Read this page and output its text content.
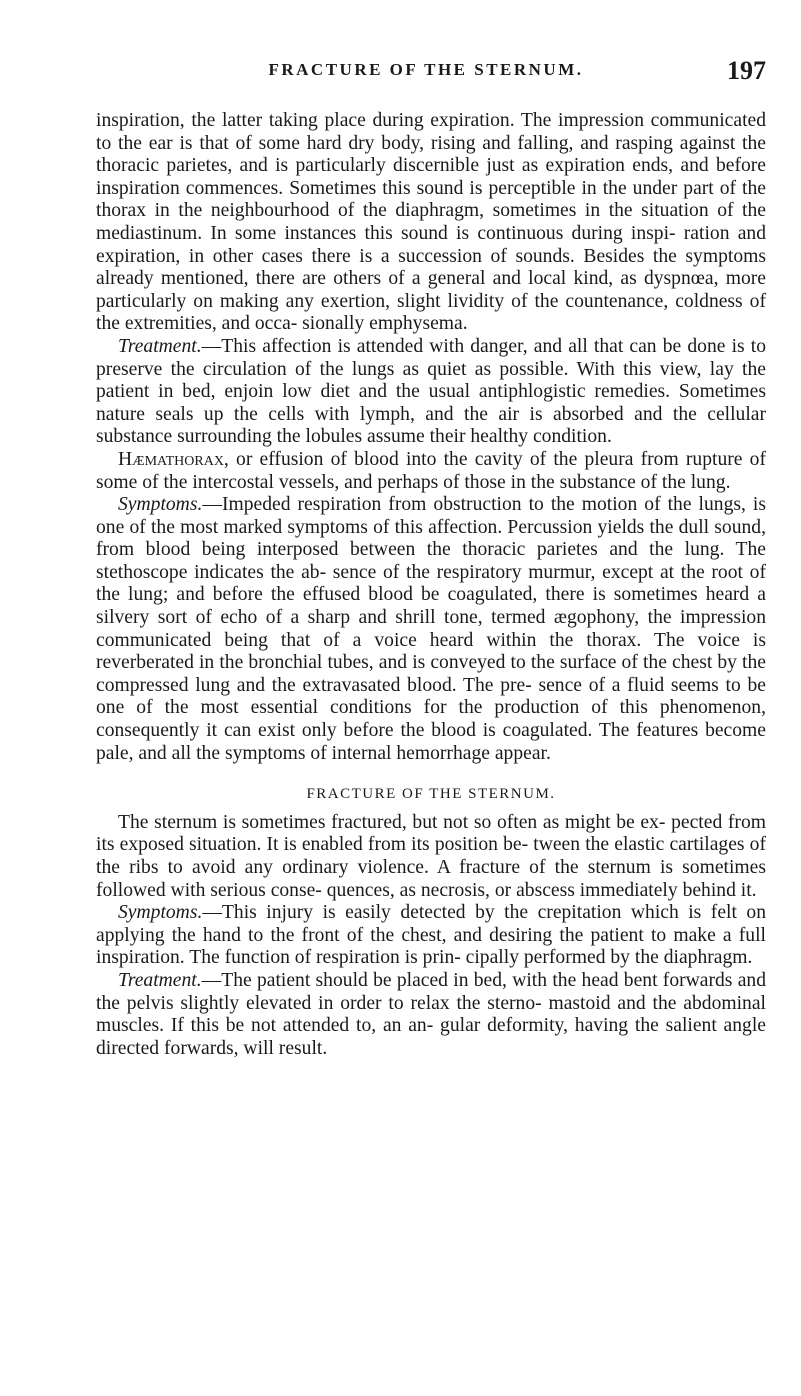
FRACTURE OF THE STERNUM.	197

inspiration, the latter taking place during expiration. The impression communicated to the ear is that of some hard dry body, rising and falling, and rasping against the thoracic parietes, and is particularly discernible just as expiration ends, and before inspiration commences. Sometimes this sound is perceptible in the under part of the thorax in the neighbourhood of the diaphragm, sometimes in the situation of the mediastinum. In some instances this sound is continuous during inspi- ration and expiration, in other cases there is a succession of sounds. Besides the symptoms already mentioned, there are others of a general and local kind, as dyspnœa, more particularly on making any exertion, slight lividity of the countenance, coldness of the extremities, and occa- sionally emphysema.

Treatment.—This affection is attended with danger, and all that can be done is to preserve the circulation of the lungs as quiet as possible. With this view, lay the patient in bed, enjoin low diet and the usual antiphlogistic remedies. Sometimes nature seals up the cells with lymph, and the air is absorbed and the cellular substance surrounding the lobules assume their healthy condition.

Hæmathorax, or effusion of blood into the cavity of the pleura from rupture of some of the intercostal vessels, and perhaps of those in the substance of the lung.

Symptoms.—Impeded respiration from obstruction to the motion of the lungs, is one of the most marked symptoms of this affection. Percussion yields the dull sound, from blood being interposed between the thoracic parietes and the lung. The stethoscope indicates the ab- sence of the respiratory murmur, except at the root of the lung; and before the effused blood be coagulated, there is sometimes heard a silvery sort of echo of a sharp and shrill tone, termed ægophony, the impression communicated being that of a voice heard within the thorax. The voice is reverberated in the bronchial tubes, and is conveyed to the surface of the chest by the compressed lung and the extravasated blood. The pre- sence of a fluid seems to be one of the most essential conditions for the production of this phenomenon, consequently it can exist only before the blood is coagulated. The features become pale, and all the symptoms of internal hemorrhage appear.

FRACTURE OF THE STERNUM.

The sternum is sometimes fractured, but not so often as might be ex- pected from its exposed situation. It is enabled from its position be- tween the elastic cartilages of the ribs to avoid any ordinary violence. A fracture of the sternum is sometimes followed with serious conse- quences, as necrosis, or abscess immediately behind it.

Symptoms.—This injury is easily detected by the crepitation which is felt on applying the hand to the front of the chest, and desiring the patient to make a full inspiration. The function of respiration is prin- cipally performed by the diaphragm.

Treatment.—The patient should be placed in bed, with the head bent forwards and the pelvis slightly elevated in order to relax the sterno- mastoid and the abdominal muscles. If this be not attended to, an an- gular deformity, having the salient angle directed forwards, will result.
